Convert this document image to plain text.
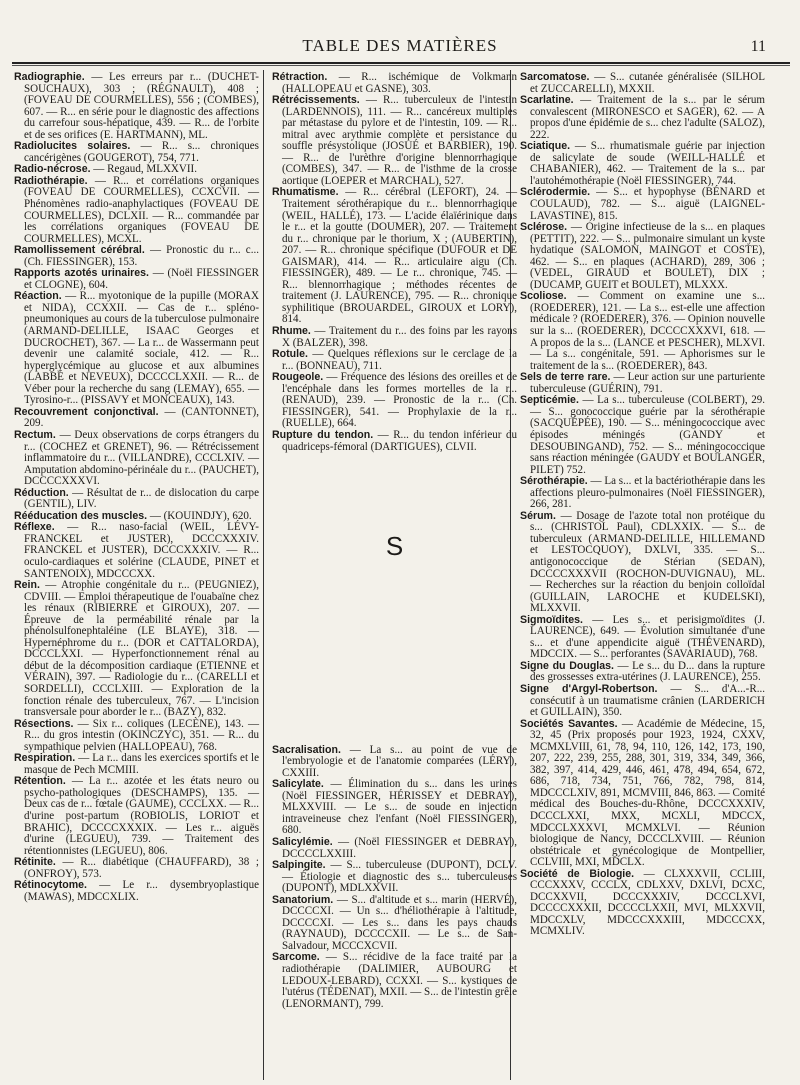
TABLE DES MATIÈRES	11

Radiographie. — Les erreurs par r... (DUCHET-SOUCHAUX), 303 ; (RÉGNAULT), 408 ; (FOVEAU DE COURMELLES), 556 ; (COMBES), 607. — R... en série pour le diagnostic des affections du carrefour sous-hépatique, 439. — R... de l'orbite et de ses orifices (E. HARTMANN), ML.

Radiolucites solaires. — R... s... chroniques cancérigènes (GOUGEROT), 754, 771.

Radio-nécrose. — Regaud, MLXXVII.

Radiothérapie. — R... et corrélations organiques (FOVEAU DE COURMELLES), CCXCVII. — Phénomènes radio-anaphylactiques (FOVEAU DE COURMELLES), DCLXII. — R... commandée par les corrélations organiques (FOVEAU DE COURMELLES), MCXL.

Ramollissement cérébral. — Pronostic du r... c... (Ch. FIESSINGER), 153.

Rapports azotés urinaires. — (Noël FIESSINGER et CLOGNE), 604.

Réaction. — R... myotonique de la pupille (MORAX et NIDA), CCXXII. — Cas de r... spléno-pneumoniques au cours de la tuberculose pulmonaire (ARMAND-DELILLE, ISAAC Georges et DUCROCHET), 367. — La r... de Wassermann peut devenir une calamité sociale, 412. — R... hyperglycémique au glucose et aux albumines (LABBÉ et NEVEUX), DCCCCLXXII. — R... de Véber pour la recherche du sang (LEMAY), 655. — Tyrosino-r... (PISSAVY et MONCEAUX), 143.

Recouvrement conjonctival. — (CANTONNET), 209.

Rectum. — Deux observations de corps étrangers du r... (COCHEZ et GRENET), 96. — Rétrécissement inflammatoire du r... (VILLANDRE), CCCLXIV. — Amputation abdomino-périnéale du r... (PAUCHET), DCCCCXXXVI.

Réduction. — Résultat de r... de dislocation du carpe (GENTIL), LIV.

Rééducation des muscles. — (KOUINDJY), 620.

Réflexe. — R... naso-facial (WEIL, LÉVY-FRANCKEL et JUSTER), DCCCXXXIV. FRANCKEL et JUSTER), DCCCXXXIV. — R... oculo-cardiaques et solérine (CLAUDE, PINET et SANTENOIX), MDCCCXX.

Rein. — Atrophie congénitale du r... (PEUGNIEZ), CDVIII. — Emploi thérapeutique de l'ouabaïne chez les rénaux (RIBIERRE et GIROUX), 207. — Épreuve de la perméabilité rénale par la phénolsulfonephtaléine (LE BLAYE), 318. — Hypernéphrome du r... (DOR et CATTALORDA), DCCCLXXI. — Hyperfonctionnement rénal au début de la décomposition cardiaque (ETIENNE et VÉRAIN), 397. — Radiologie du r... (CARELLI et SORDELLI), CCCLXIII. — Exploration de la fonction rénale des tuberculeux, 767. — L'incision transversale pour aborder le r... (BAZY), 832.

Résections. — Six r... coliques (LECÈNE), 143. — R... du gros intestin (OKINCZYC), 351. — R... du sympathique pelvien (HALLOPEAU), 768.

Respiration. — La r... dans les exercices sportifs et le masque de Pech MCMIII.

Rétention. — La r... azotée et les états neuro ou psycho-pathologiques (DESCHAMPS), 135. — Deux cas de r... fœtale (GAUME), CCCLXX. — R... d'urine post-partum (ROBIOLIS, LORIOT et BRAHIC), DCCCCXXXIX. — Les r... aiguës d'urine (LEGUEU), 739. — Traitement des rétentionnistes (LEGUEU), 806.

Rétinite. — R... diabétique (CHAUFFARD), 38 ; (ONFROY), 573.

Rétinocytome. — Le r... dysembryoplastique (MAWAS), MDCCXLIX.

Rétraction. — R... ischémique de Volkmann (HALLOPEAU et GASNE), 303.

Rétrécissements. — R... tuberculeux de l'intestin (LARDENNOIS), 111. — R... cancéreux multiples par métastase du pylore et de l'intestin, 109. — R... mitral avec arythmie complète et persistance du souffle présystolique (JOSUÉ et BARBIER), 190. — R... de l'urèthre d'origine blennorrhagique (COMBES), 347. — R... de l'isthme de la crosse aortique (LOEPER et MARCHAL), 527.

Rhumatisme. — R... cérébral (LEFORT), 24. — Traitement sérothérapique du r... blennorrhagique (WEIL, HALLÉ), 173. — L'acide élaïérinique dans le r... et la goutte (DOUMER), 207. — Traitement du r... chronique par le thorium, X ; (AUBERTIN), 207. — R... chronique spécifique (DUFOUR et DE GAISMAR), 414. — R... articulaire aigu (Ch. FIESSINGER), 489. — Le r... chronique, 745. — R... blennorrhagique ; méthodes récentes de traitement (J. LAURENCE), 795. — R... chronique syphilitique (BROUARDEL, GIROUX et LORY), 814.

Rhume. — Traitement du r... des foins par les rayons X (BALZER), 398.

Rotule. — Quelques réflexions sur le cerclage de la r... (BONNEAU), 711.

Rougeole. — Fréquence des lésions des oreilles et de l'encéphale dans les formes mortelles de la r... (RENAUD), 239. — Pronostic de la r... (Ch. FIESSINGER), 541. — Prophylaxie de la r... (RUELLE), 664.

Rupture du tendon. — R... du tendon inférieur du quadriceps-fémoral (DARTIGUES), CLVII.

S

Sacralisation. — La s... au point de vue de l'embryologie et de l'anatomie comparées (LÉRY), CXXIII.

Salicylate. — Élimination du s... dans les urines (Noël FIESSINGER, HÉRISSEY et DEBRAY), MLXXVIII. — Le s... de soude en injection intraveineuse chez l'enfant (Noël FIESSINGER), 680.

Salicylémie. — (Noël FIESSINGER et DEBRAY), DCCCCLXXIII.

Salpingite. — S... tuberculeuse (DUPONT), DCLV. — Étiologie et diagnostic des s... tuberculeuses (DUPONT), MDLXXVII.

Sanatorium. — S... d'altitude et s... marin (HERVÉ), DCCCCXI. — Un s... d'héliothérapie à l'altitude, DCCCCXI. — Les s... dans les pays chauds (RAYNAUD), DCCCCXII. — Le s... de San-Salvadour, MCCCXCVII.

Sarcome. — S... récidive de la face traité par la radiothérapie (DALIMIER, AUBOURG et LEDOUX-LEBARD), CCXXI. — S... kystiques de l'utérus (TÉDENAT), MXII. — S... de l'intestin grêle (LENORMANT), 799.

Sarcomatose. — S... cutanée généralisée (SILHOL et ZUCCARELLI), MXXII.

Scarlatine. — Traitement de la s... par le sérum convalescent (MIRONESCO et SAGER), 62. — A propos d'une épidémie de s... chez l'adulte (SALOZ), 222.

Sciatique. — S... rhumatismale guérie par injection de salicylate de soude (WEILL-HALLÉ et CHABANIER), 462. — Traitement de la s... par l'autohémothérapie (Noël FIESSINGER), 744.

Sclérodermie. — S... et hypophyse (BÉNARD et COULAUD), 782. — S... aiguë (LAIGNEL-LAVASTINE), 815.

Sclérose. — Origine infectieuse de la s... en plaques (PETTIT), 222. — S... pulmonaire simulant un kyste hydatique (SALOMON, MAINGOT et COSTE), 462. — S... en plaques (ACHARD), 289, 306 ; (VEDEL, GIRAUD et BOULET), DIX ; (DUCAMP, GUEIT et BOULET), MLXXX.

Scoliose. — Comment on examine une s... (ROEDERER), 121. — La s... est-elle une affection médicale ? (ROEDERER), 376. — Opinion nouvelle sur la s... (ROEDERER), DCCCCXXXVI, 618. — A propos de la s... (LANCE et PESCHER), MLXVI. — La s... congénitale, 591. — Aphorismes sur le traitement de la s... (ROEDERER), 843.

Sels de terre rare. — Leur action sur une parturiente tuberculeuse (GUÉRIN), 791.

Septicémie. — La s... tuberculeuse (COLBERT), 29. — S... gonococcique guérie par la sérothérapie (SACQUÉPÉE), 190. — S... méningococcique avec épisodes méningés (GANDY et DESOUBINGAND), 752. — S... méningococcique sans réaction méningée (GAUDY et BOULANGER, PILET) 752.

Sérothérapie. — La s... et la bactériothérapie dans les affections pleuro-pulmonaires (Noël FIESSINGER), 266, 281.

Sérum. — Dosage de l'azote total non protéique du s... (CHRISTOL Paul), CDLXXIX. — S... de tuberculeux (ARMAND-DELILLE, HILLEMAND et LESTOCQUOY), DXLVI, 335. — S... antigonococcique de Stérian (SEDAN), DCCCCXXXVII (ROCHON-DUVIGNAU), ML. — Recherches sur la réaction du benjoin colloïdal (GUILLAIN, LAROCHE et KUDELSKI), MLXXVII.

Sigmoïdites. — Les s... et perisigmoïdites (J. LAURENCE), 649. — Évolution simultanée d'une s... et d'une appendicite aiguë (THÉVENARD), MDCCIX. — S... perforantes (SAVARIAUD), 768.

Signe du Douglas. — Le s... du D... dans la rupture des grossesses extra-utérines (J. LAURENCE), 255.

Signe d'Argyl-Robertson. — S... d'A...-R... consécutif à un traumatisme crânien (LARDERICH et GUILLAIN), 350.

Sociétés Savantes. — Académie de Médecine, 15, 32, 45 (Prix proposés pour 1923, 1924, CXXV, MCMXLVIII, 61, 78, 94, 110, 126, 142, 173, 190, 207, 222, 239, 255, 288, 301, 319, 334, 349, 366, 382, 397, 414, 429, 446, 461, 478, 494, 654, 672, 686, 718, 734, 751, 766, 782, 798, 814, MDCCCLXIV, 891, MCMVIII, 846, 863. — Comité médical des Bouches-du-Rhône, DCCCXXXIV, DCCCLXXI, MXX, MCXLI, MDCCX, MDCCLXXXVI, MCMXLVI. — Réunion biologique de Nancy, DCCCLXVIII. — Réunion obstétricale et gynécologique de Montpellier, CCLVIII, MXI, MDCLX.

Société de Biologie. — CLXXXVII, CCLIII, CCCXXXV, CCCLX, CDLXXV, DXLVI, DCXC, DCCXXVII, DCCCXXXIV, DCCCLXVI, DCCCCXXXII, DCCCCLXXII, MVI, MLXXVII, MDCCXLV, MDCCCXXXIII, MDCCCXX, MCMXLIV.
